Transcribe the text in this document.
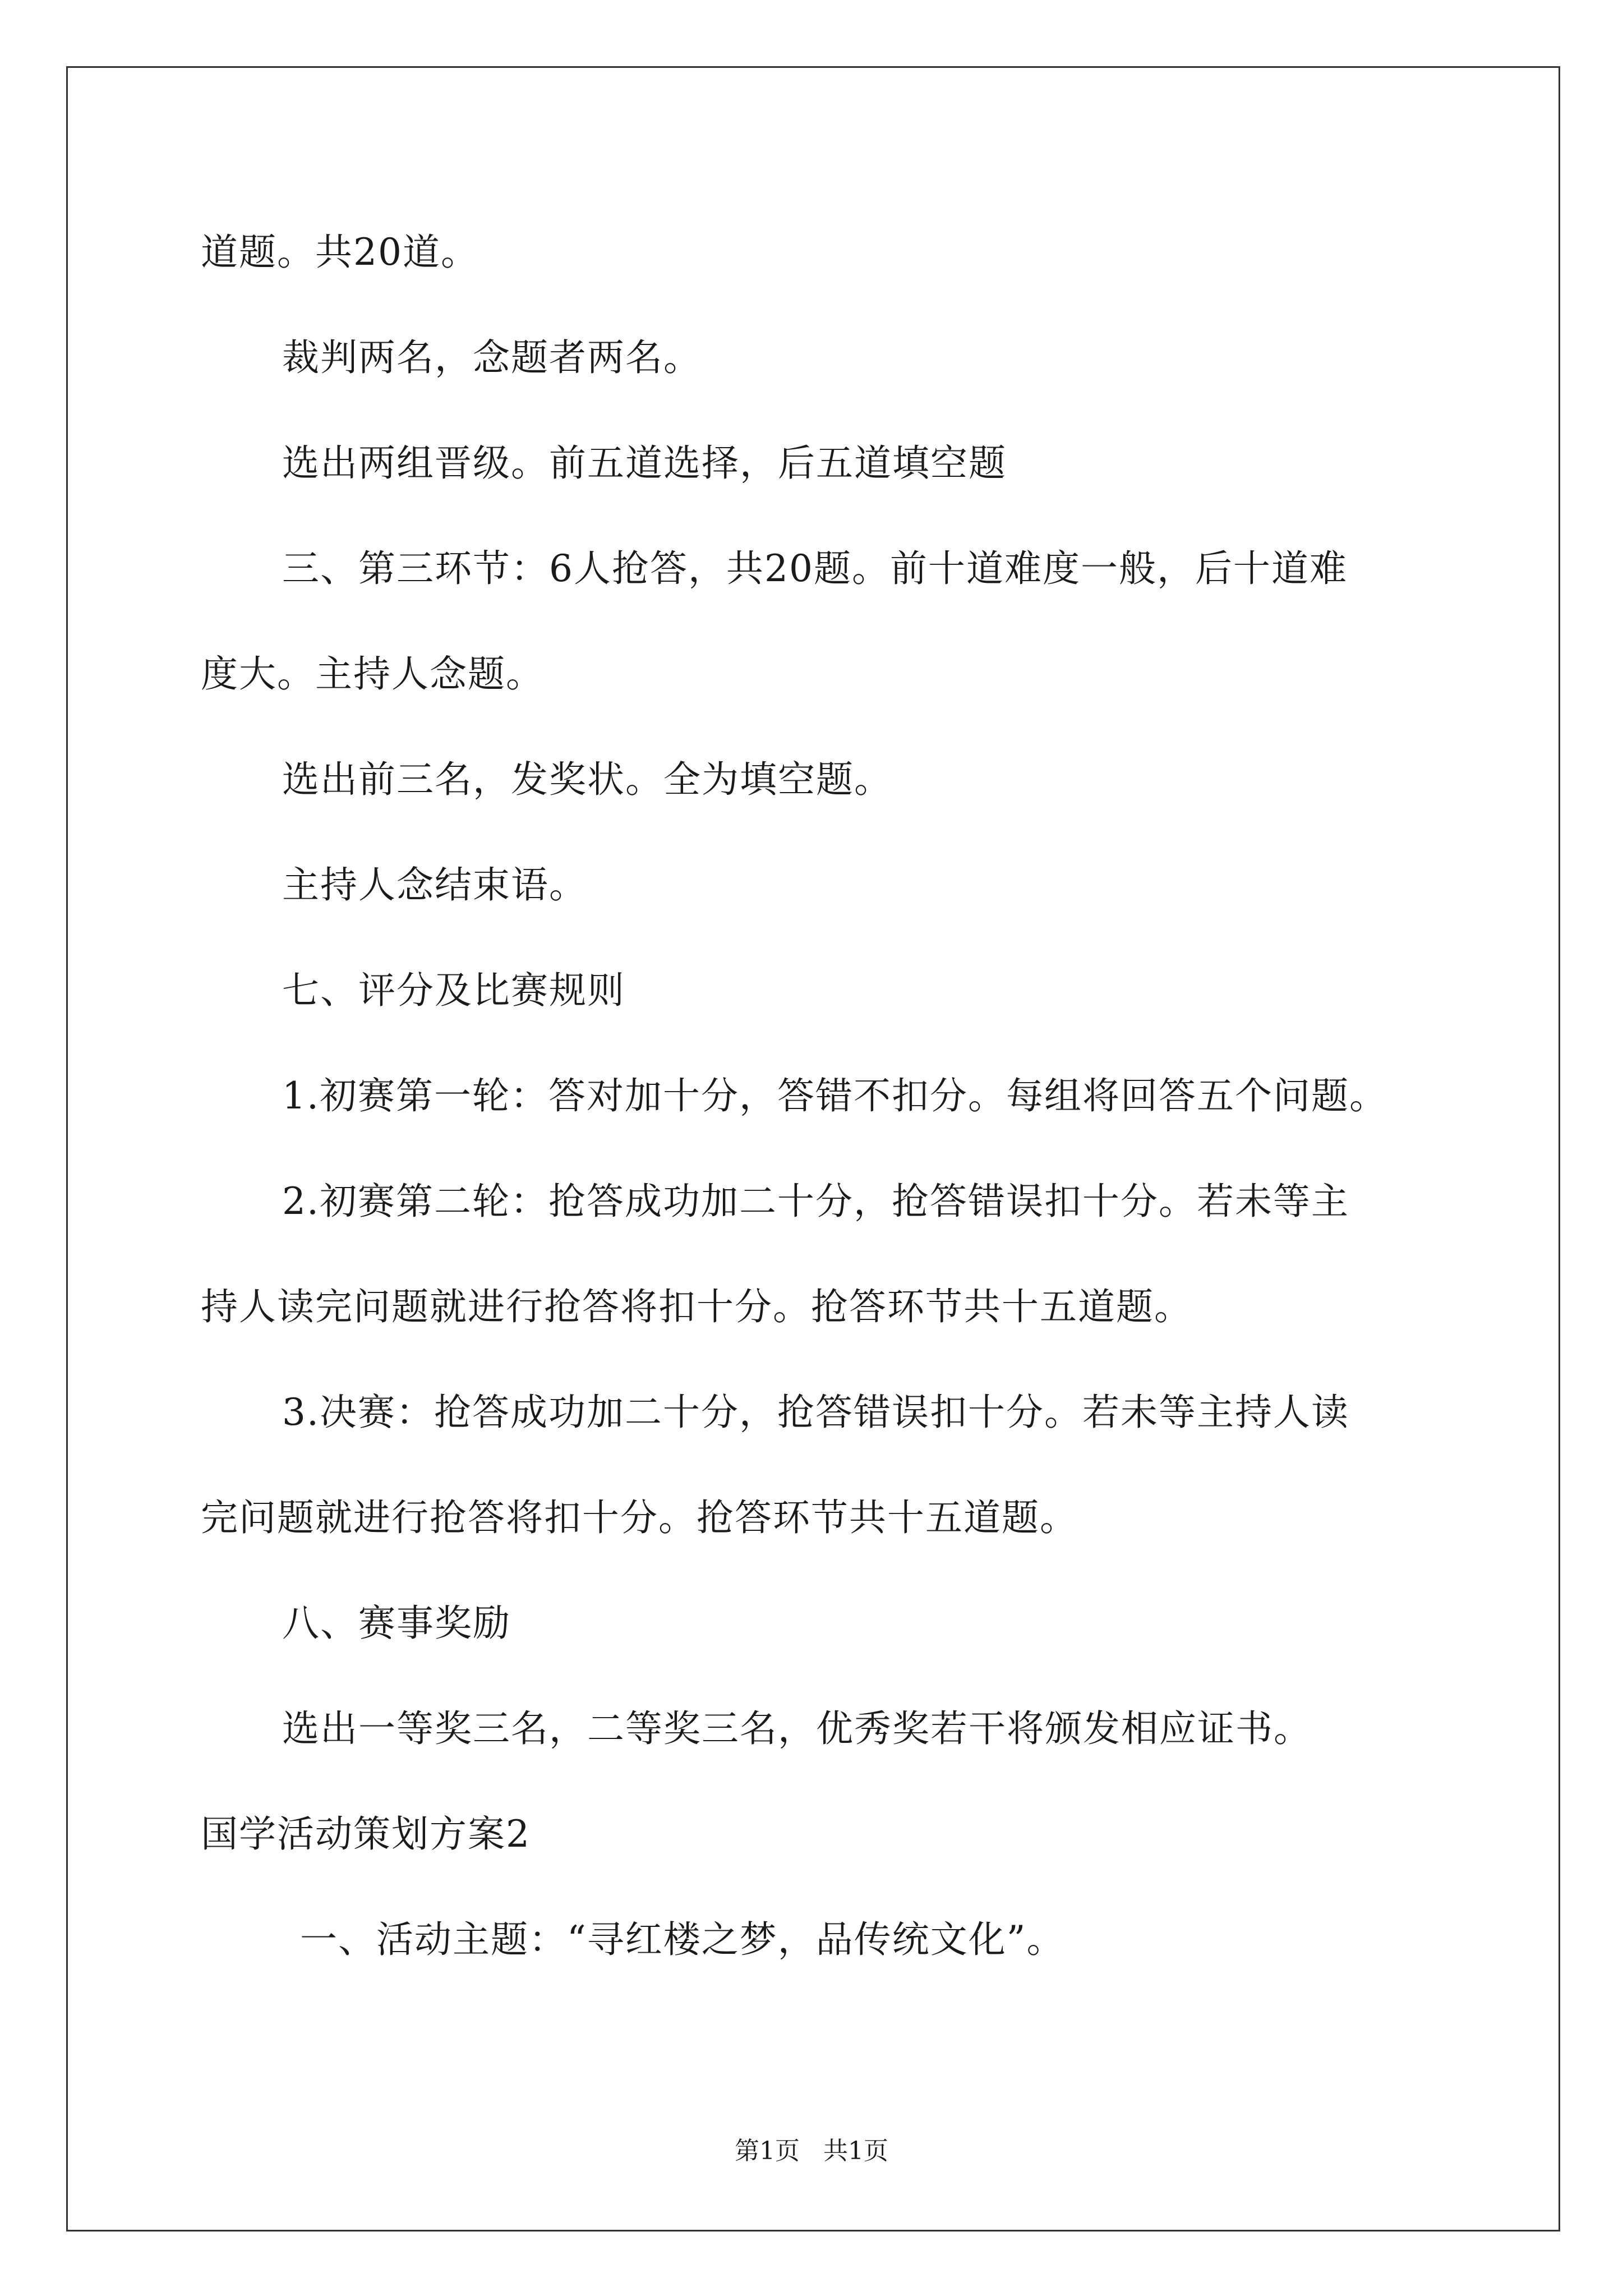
道题。共20道。
裁判两名，念题者两名。
选出两组晋级。前五道选择，后五道填空题
三、第三环节：6人抢答，共20题。前十道难度一般，后十道难
度大。主持人念题。
选出前三名，发奖状。全为填空题。
主持人念结束语。
七、评分及比赛规则
1.初赛第一轮：答对加十分，答错不扣分。每组将回答五个问题。
2.初赛第二轮：抢答成功加二十分，抢答错误扣十分。若未等主
持人读完问题就进行抢答将扣十分。抢答环节共十五道题。
3.决赛：抢答成功加二十分，抢答错误扣十分。若未等主持人读
完问题就进行抢答将扣十分。抢答环节共十五道题。
八、赛事奖励
选出一等奖三名，二等奖三名，优秀奖若干将颁发相应证书。
国学活动策划方案2
一、活动主题：“寻红楼之梦，品传统文化”。
第1页   共1页
